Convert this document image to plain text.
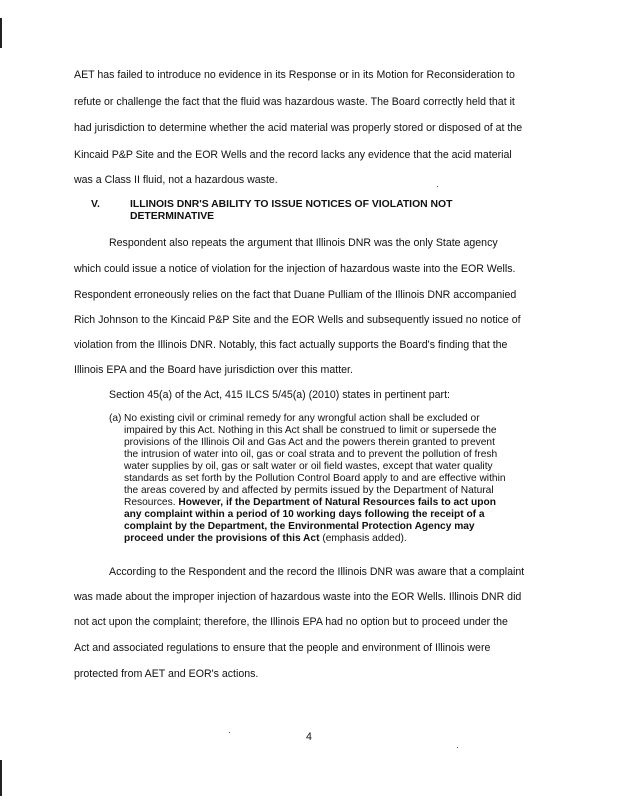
AET has failed to introduce no evidence in its Response or in its Motion for Reconsideration to
refute or challenge the fact that the fluid was hazardous waste. The Board correctly held that it
had jurisdiction to determine whether the acid material was properly stored or disposed of at the
Kincaid P&P Site and the EOR Wells and the record lacks any evidence that the acid material
was a Class II fluid, not a hazardous waste.
V.	ILLINOIS DNR'S ABILITY TO ISSUE NOTICES OF VIOLATION NOT
DETERMINATIVE
Respondent also repeats the argument that Illinois DNR was the only State agency
which could issue a notice of violation for the injection of hazardous waste into the EOR Wells.
Respondent erroneously relies on the fact that Duane Pulliam of the Illinois DNR accompanied
Rich Johnson to the Kincaid P&P Site and the EOR Wells and subsequently issued no notice of
violation from the Illinois DNR. Notably, this fact actually supports the Board's finding that the
Illinois EPA and the Board have jurisdiction over this matter.
Section 45(a) of the Act, 415 ILCS 5/45(a) (2010) states in pertinent part:
(a) No existing civil or criminal remedy for any wrongful action shall be excluded or
impaired by this Act. Nothing in this Act shall be construed to limit or supersede the
provisions of the Illinois Oil and Gas Act and the powers therein granted to prevent
the intrusion of water into oil, gas or coal strata and to prevent the pollution of fresh
water supplies by oil, gas or salt water or oil field wastes, except that water quality
standards as set forth by the Pollution Control Board apply to and are effective within
the areas covered by and affected by permits issued by the Department of Natural
Resources. However, if the Department of Natural Resources fails to act upon
any complaint within a period of 10 working days following the receipt of a
complaint by the Department, the Environmental Protection Agency may
proceed under the provisions of this Act (emphasis added).
According to the Respondent and the record the Illinois DNR was aware that a complaint
was made about the improper injection of hazardous waste into the EOR Wells. Illinois DNR did
not act upon the complaint; therefore, the Illinois EPA had no option but to proceed under the
Act and associated regulations to ensure that the people and environment of Illinois were
protected from AET and EOR's actions.
4
